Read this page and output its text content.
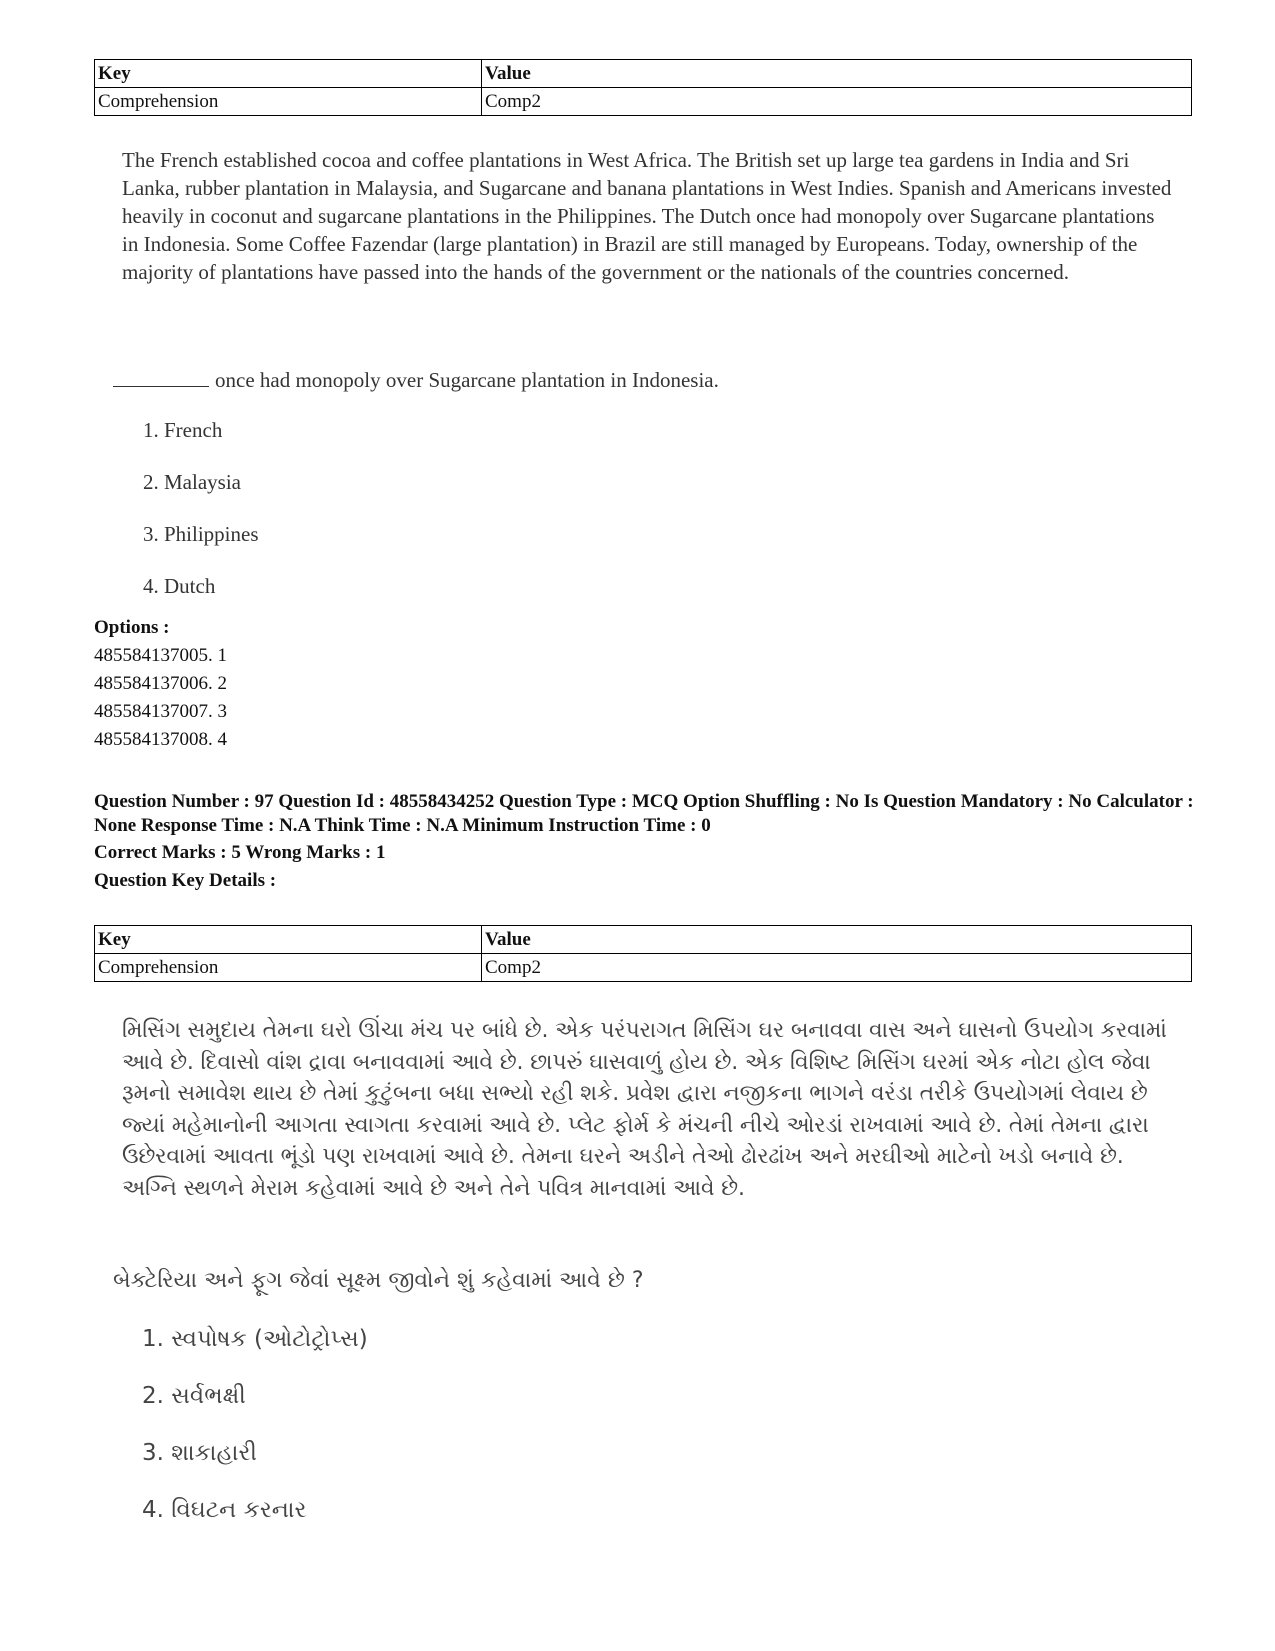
Key	Value
Comprehension	Comp2
The French established cocoa and coffee plantations in West Africa. The British set up large tea gardens in India and Sri Lanka, rubber plantation in Malaysia, and Sugarcane and banana plantations in West Indies. Spanish and Americans invested heavily in coconut and sugarcane plantations in the Philippines. The Dutch once had monopoly over Sugarcane plantations in Indonesia. Some Coffee Fazendar (large plantation) in Brazil are still managed by Europeans. Today, ownership of the majority of plantations have passed into the hands of the government or the nationals of the countries concerned.
once had monopoly over Sugarcane plantation in Indonesia.
1. French
2. Malaysia
3. Philippines
4. Dutch
Options :
485584137005. 1
485584137006. 2
485584137007. 3
485584137008. 4
Question Number : 97 Question Id : 48558434252 Question Type : MCQ Option Shuffling : No Is Question Mandatory : No Calculator : None Response Time : N.A Think Time : N.A Minimum Instruction Time : 0
Correct Marks : 5 Wrong Marks : 1
Question Key Details :
Key	Value
Comprehension	Comp2
મિસિંગ સમુદાય તેમના ઘરો ઊંચા મંચ પર બાંધે છે. એક પરંપરાગત મિસિંગ ઘર બનાવવા વાસ અને ઘાસનો ઉપયોગ કરવામાં આવે છે. દિવાસો વાંશ દ્રાવા બનાવવામાં આવે છે. છાપરું ઘાસવાળું હોય છે. એક વિશિષ્ટ મિસિંગ ઘરમાં એક નોટા હોલ જેવા રૂમનો સમાવેશ થાય છે તેમાં કુટુંબના બધા સભ્યો રહી શકે. પ્રવેશ દ્વારા નજીકના ભાગને વરંડા તરીકે ઉપયોગમાં લેવાય છે જ્યાં મહેમાનોની આગતા સ્વાગતા કરવામાં આવે છે. પ્લેટ ફોર્મ કે મંચની નીચે ઓરડાં રાખવામાં આવે છે. તેમાં તેમના દ્વારા ઉછેરવામાં આવતા ભૂંડો પણ રાખવામાં આવે છે. તેમના ઘરને અડીને તેઓ ઢોરઢાંખ અને મરઘીઓ માટેનો ખડો બનાવે છે. અગ્નિ સ્થળને મેરામ કહેવામાં આવે છે અને તેને પવિત્ર માનવામાં આવે છે.
બેક્ટેરિયા અને ફૂગ જેવાં સૂક્ષ્મ જીવોને શું કહેવામાં આવે છે ?
1. સ્વપોષક (ઓટોટ્રોપ્સ)
2. સર્વભક્ષી
3. શાકાહારી
4. વિઘટન કરનાર
